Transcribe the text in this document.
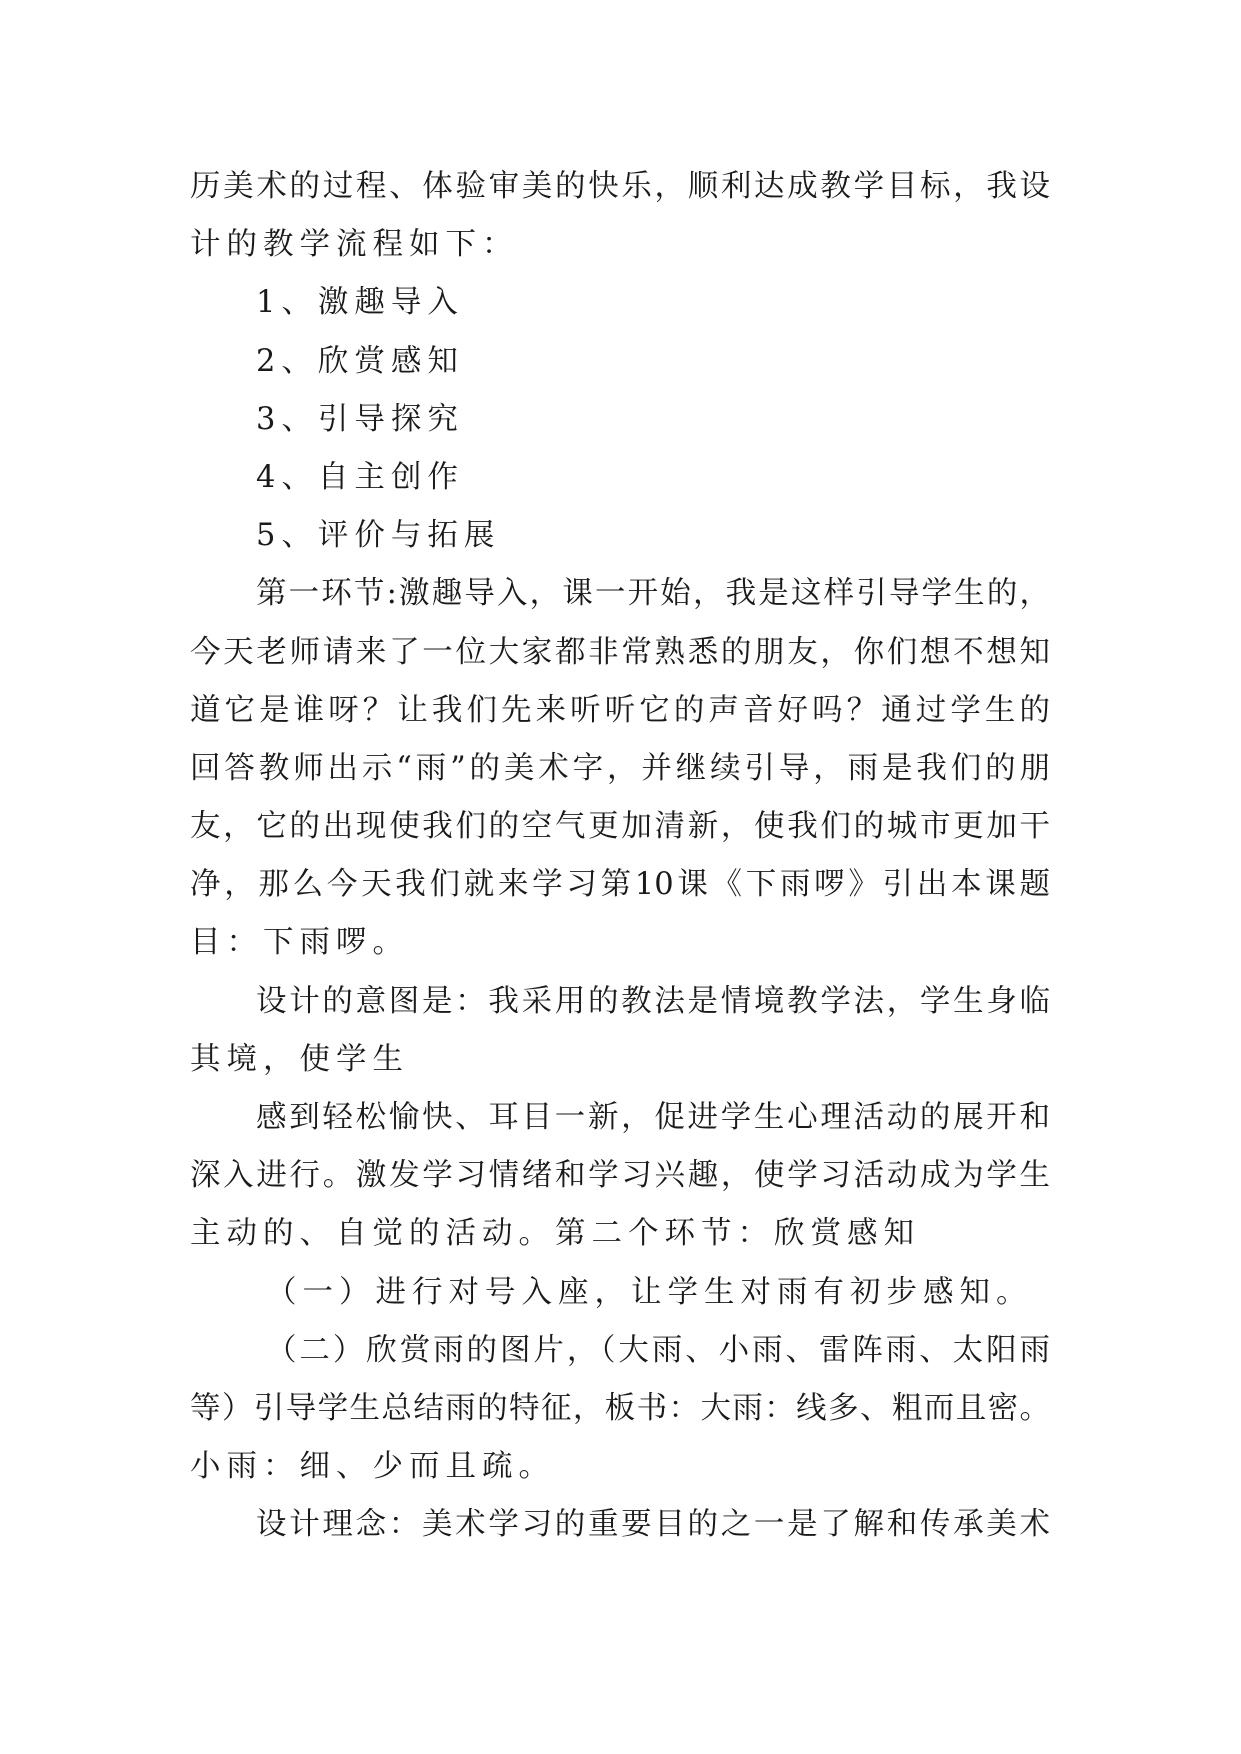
历美术的过程、体验审美的快乐，顺利达成教学目标，我设
计的教学流程如下：
1、激趣导入
2、欣赏感知
3、引导探究
4、自主创作
5、评价与拓展
第一环节:激趣导入，课一开始，我是这样引导学生的，
今天老师请来了一位大家都非常熟悉的朋友，你们想不想知
道它是谁呀？让我们先来听听它的声音好吗？通过学生的
回答教师出示“雨”的美术字，并继续引导，雨是我们的朋
友，它的出现使我们的空气更加清新，使我们的城市更加干
净，那么今天我们就来学习第10课《下雨啰》引出本课题
目：下雨啰。
设计的意图是：我采用的教法是情境教学法，学生身临
其境，使学生
感到轻松愉快、耳目一新，促进学生心理活动的展开和
深入进行。激发学习情绪和学习兴趣，使学习活动成为学生
主动的、自觉的活动。第二个环节：欣赏感知
（一）进行对号入座，让学生对雨有初步感知。
（二）欣赏雨的图片，（大雨、小雨、雷阵雨、太阳雨
等）引导学生总结雨的特征，板书：大雨：线多、粗而且密。
小雨：细、少而且疏。
设计理念：美术学习的重要目的之一是了解和传承美术
